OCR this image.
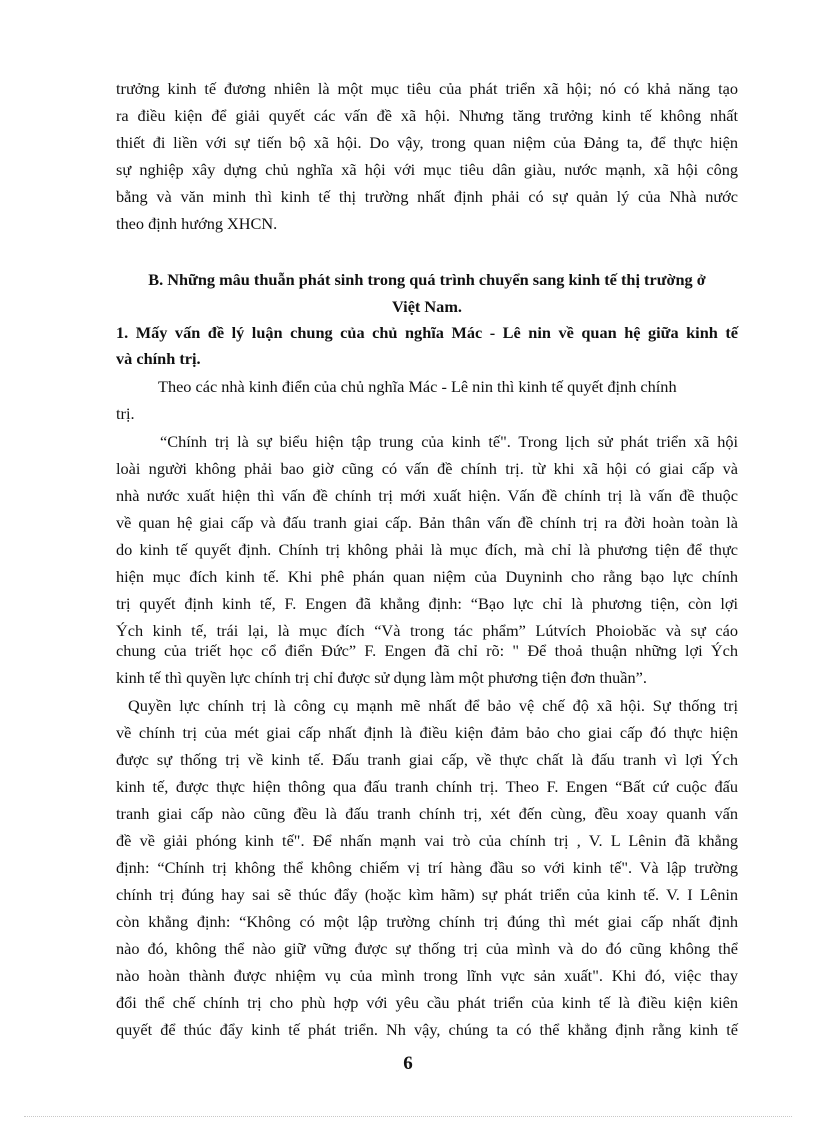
trưởng kinh tế đương nhiên là một mục tiêu của phát triển xã hội; nó có khả năng tạo
ra điều kiện để giải quyết các vấn đề xã hội. Nhưng tăng trưởng kinh tế không nhất
thiết đi liền với sự tiến bộ xã hội. Do vậy, trong quan niệm của Đảng ta, để thực hiện
sự nghiệp xây dựng chủ nghĩa xã hội với mục tiêu dân giàu, nước mạnh, xã hội công
bằng và văn minh thì kinh tế thị trường nhất định phải có sự quản lý của Nhà nước
theo định hướng XHCN.
B. Những mâu thuẫn phát sinh trong quá trình chuyển sang kinh tế thị trường ở
Việt Nam.
1. Mấy vấn đề lý luận chung của chủ nghĩa Mác - Lê nin về quan hệ giữa kinh tế
và chính trị.
Theo các nhà kinh điển của chủ nghĩa Mác - Lê nin thì kinh tế quyết định chính
trị.
“Chính trị là sự biểu hiện tập trung của kinh tế". Trong lịch sử phát triển xã hội
loài người không phải bao giờ cũng có vấn đề chính trị. từ khi xã hội có giai cấp và
nhà nước xuất hiện thì vấn đề chính trị mới xuất hiện. Vấn đề chính trị là vấn đề thuộc
về quan hệ giai cấp và đấu tranh giai cấp. Bản thân vấn đề chính trị ra đời hoàn toàn là
do kinh tế quyết định. Chính trị không phải là mục đích, mà chỉ là phương tiện để thực
hiện mục đích kinh tế. Khi phê phán quan niệm của Duyninh cho rằng bạo lực chính
trị quyết định kinh tế, F. Engen đã khẳng định: “Bạo lực chỉ là phương tiện, còn lợi
Ých kinh tế, trái lại, là mục đích “Và trong tác phẩm” Lútvích Phoiobăc và sự cáo
chung của triết học cổ điển Đức” F. Engen đã chỉ rõ: " Để thoả thuận những lợi Ých
kinh tế thì quyền lực chính trị chỉ được sử dụng làm một phương tiện đơn thuần”.
Quyền lực chính trị là công cụ mạnh mẽ nhất để bảo vệ chế độ xã hội. Sự thống trị
về chính trị của mét giai cấp nhất định là điều kiện đảm bảo cho giai cấp đó thực hiện
được sự thống trị về kinh tế. Đấu tranh giai cấp, về thực chất là đấu tranh vì lợi Ých
kinh tế, được thực hiện thông qua đấu tranh chính trị. Theo F. Engen “Bất cứ cuộc đấu
tranh giai cấp nào cũng đều là đấu tranh chính trị, xét đến cùng, đều xoay quanh vấn
đề về giải phóng kinh tế". Để nhấn mạnh vai trò của chính trị , V. L Lênin đã khẳng
định: “Chính trị không thể không chiếm vị trí hàng đầu so với kinh tế". Và lập trường
chính trị đúng hay sai sẽ thúc đẩy (hoặc kìm hãm) sự phát triển của kinh tế. V. I Lênin
còn khẳng định: “Không có một lập trường chính trị đúng thì mét giai cấp nhất định
nào đó, không thể nào giữ vững được sự thống trị của mình và do đó cũng không thể
nào hoàn thành được nhiệm vụ của mình trong lĩnh vực sản xuất". Khi đó, việc thay
đổi thể chế chính trị cho phù hợp với yêu cầu phát triển của kinh tế là điều kiện kiên
quyết để thúc đẩy kinh tế phát triển. Nh vậy, chúng ta có thể khẳng định rằng kinh tế
6
